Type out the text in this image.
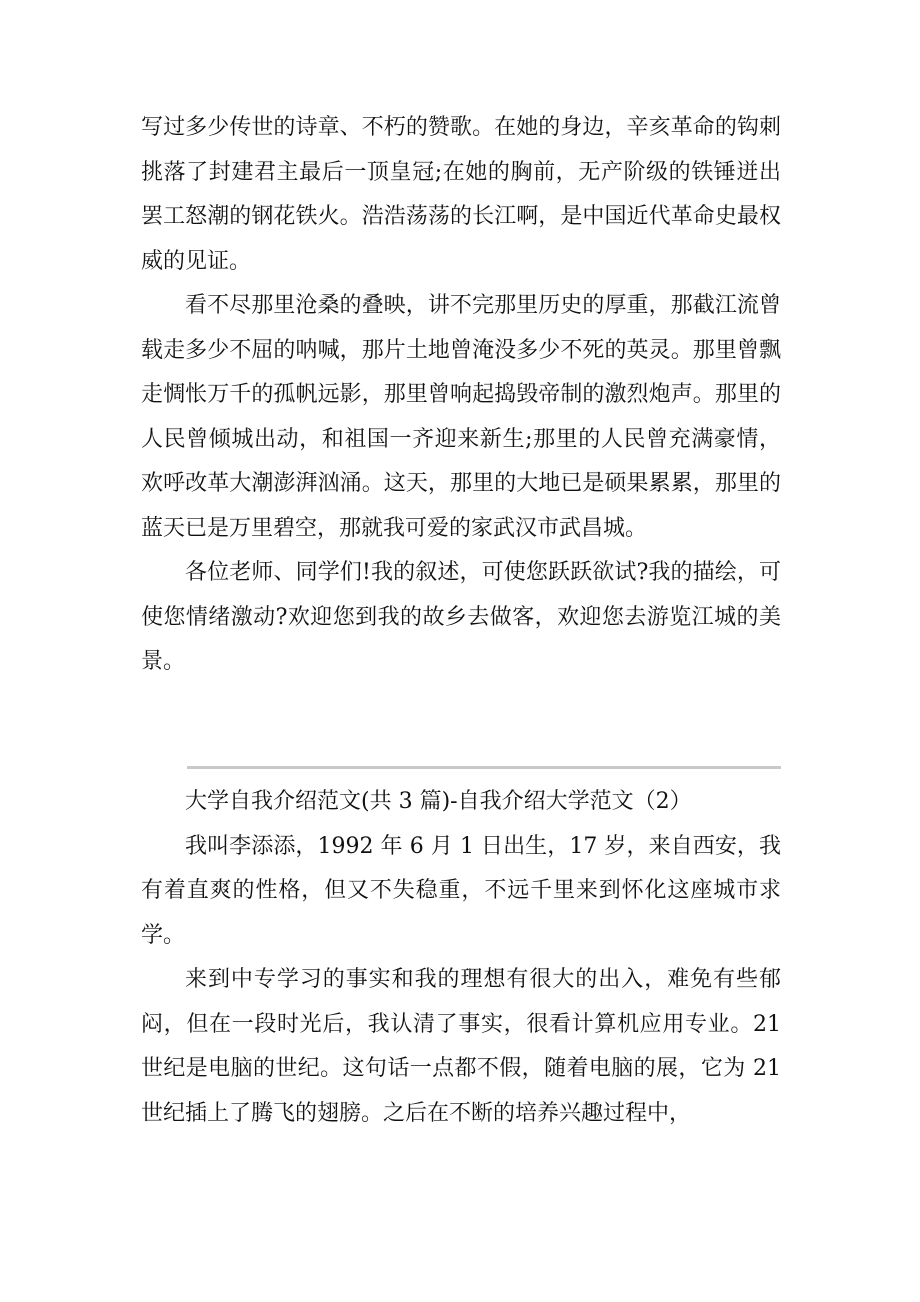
写过多少传世的诗章、不朽的赞歌。在她的身边，辛亥革命的钩刺挑落了封建君主最后一顶皇冠;在她的胸前，无产阶级的铁锤迸出罢工怒潮的钢花铁火。浩浩荡荡的长江啊，是中国近代革命史最权威的见证。

看不尽那里沧桑的叠映，讲不完那里历史的厚重，那截江流曾载走多少不屈的呐喊，那片土地曾淹没多少不死的英灵。那里曾飘走惆怅万千的孤帆远影，那里曾响起捣毁帝制的激烈炮声。那里的人民曾倾城出动，和祖国一齐迎来新生;那里的人民曾充满豪情，欢呼改革大潮澎湃汹涌。这天，那里的大地已是硕果累累，那里的蓝天已是万里碧空，那就我可爱的家武汉市武昌城。

各位老师、同学们!我的叙述，可使您跃跃欲试?我的描绘，可使您情绪激动?欢迎您到我的故乡去做客，欢迎您去游览江城的美景。

大学自我介绍范文(共 3 篇)-自我介绍大学范文（2）

我叫李添添，1992 年 6 月 1 日出生，17 岁，来自西安，我有着直爽的性格，但又不失稳重，不远千里来到怀化这座城市求学。

来到中专学习的事实和我的理想有很大的出入，难免有些郁闷，但在一段时光后，我认清了事实，很看计算机应用专业。21 世纪是电脑的世纪。这句话一点都不假，随着电脑的展，它为 21 世纪插上了腾飞的翅膀。之后在不断的培养兴趣过程中，
